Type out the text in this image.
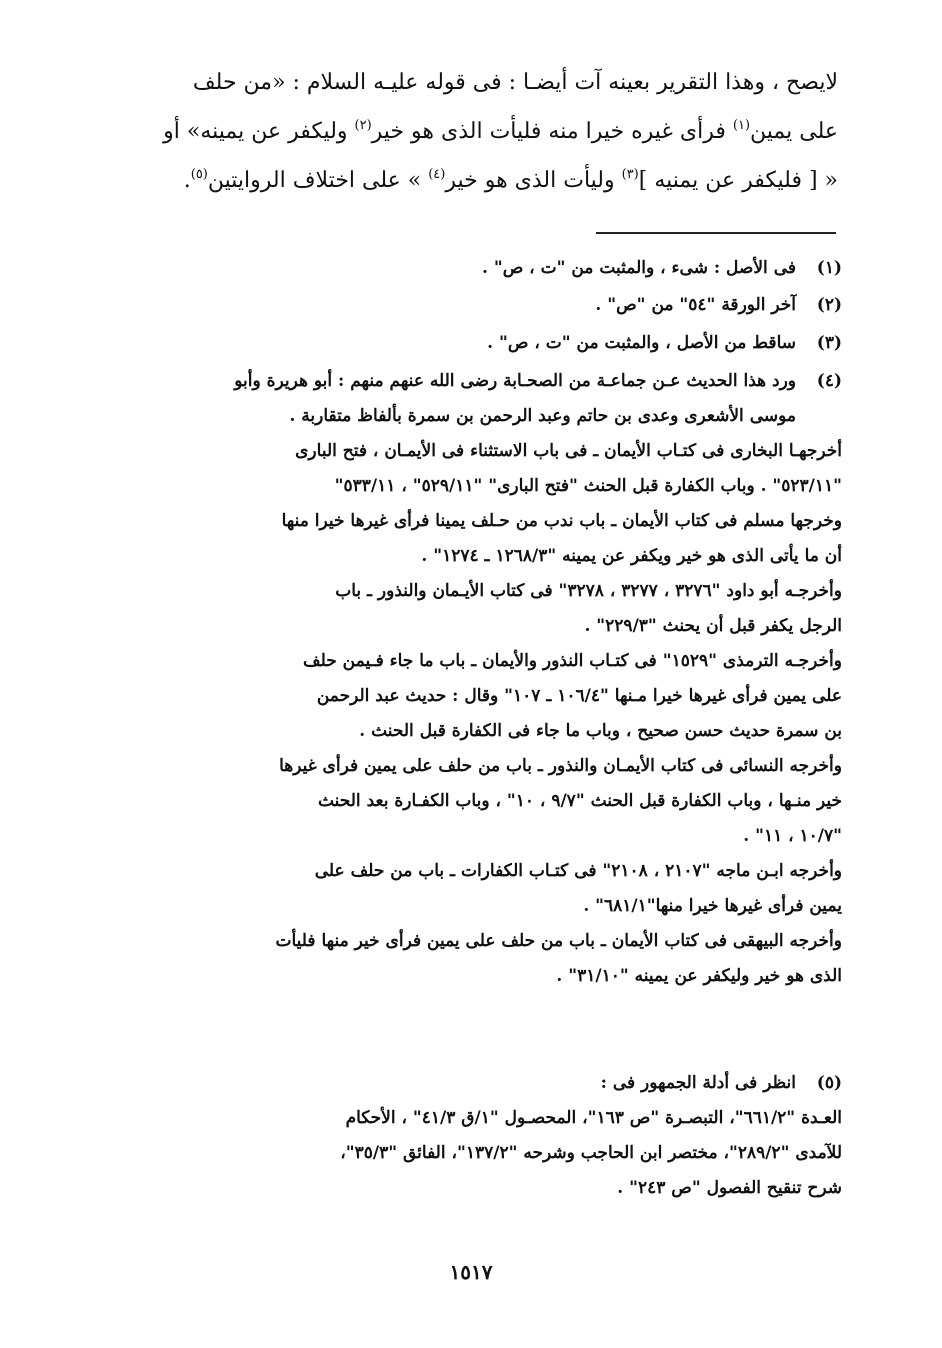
لايصح ، وهذا التقرير بعينه آت أيضـا : فى قوله عليـه السلام : «من حلف
على يمين$^{(١)}$ فرأى غيره خيرا منه فليأت الذى هو خير$^{(٢)}$ وليكفر عن يمينه» أو
« [ فليكفر عن يمنيه ]$^{(٣)}$ وليأت الذى هو خير$^{(٤)}$ » على اختلاف الروايتين$^{(٥)}$.
(١)فى الأصل : شىء ، والمثبت من "ت ، ص" .
(٢)آخر الورقة "٥٤" من "ص" .
(٣)ساقط من الأصل ، والمثبت من "ت ، ص" .
(٤)ورد هذا الحديث عـن جماعـة من الصحـابة رضى الله عنهم منهم : أبو هريرة وأبو
موسى الأشعرى وعدى بن حاتم وعبد الرحمن بن سمرة بألفاظ متقاربة .
أخرجهـا البخارى فى كتـاب الأيمان ـ فى باب الاستثناء فى الأيمـان ، فتح البارى
"٥٢٣/١١" . وباب الكفارة قبل الحنث "فتح البارى" "٥٢٩/١١" ، ٥٣٣/١١"
وخرجها مسلم فى كتاب الأيمان ـ باب ندب من حـلف يمينا فرأى غيرها خيرا منها
أن ما يأتى الذى هو خير ويكفر عن يمينه "١٢٦٨/٣ ـ ١٢٧٤" .
وأخرجـه أبو داود "٣٢٧٦ ، ٣٢٧٧ ، ٣٢٧٨" فى كتاب الأيـمان والنذور ـ باب
الرجل يكفر قبل أن يحنث "٢٢٩/٣" .
وأخرجـه الترمذى "١٥٢٩" فى كتـاب النذور والأيمان ـ باب ما جاء فـيمن حلف
على يمين فرأى غيرها خيرا مـنها "١٠٦/٤ ـ ١٠٧" وقال : حديث عبد الرحمن
بن سمرة حديث حسن صحيح ، وباب ما جاء فى الكفارة قبل الحنث .
وأخرجه النسائى فى كتاب الأيمـان والنذور ـ باب من حلف على يمين فرأى غيرها
خير منـها ، وباب الكفارة قبل الحنث "٩/٧ ، ١٠" ، وباب الكفـارة بعد الحنث
"١٠/٧ ، ١١" .
وأخرجه ابـن ماجه "٢١٠٧ ، ٢١٠٨" فى كتـاب الكفارات ـ باب من حلف على
يمين فرأى غيرها خيرا منها"٦٨١/١" .
وأخرجه البيهقى فى كتاب الأيمان ـ باب من حلف على يمين فرأى خير منها فليأت
الذى هو خير وليكفر عن يمينه "٣١/١٠" .
(٥)انظر فى أدلة الجمهور فى :
العـدة "٦٦١/٢"، التبصـرة "ص ١٦٣"، المحصـول "١/ق ٤١/٣" ، الأحكام
للآمدى "٢٨٩/٢"، مختصر ابن الحاجب وشرحه "١٣٧/٢"، الفائق "٣٥/٣"،
شرح تنقيح الفصول "ص ٢٤٣" .
١٥١٧
